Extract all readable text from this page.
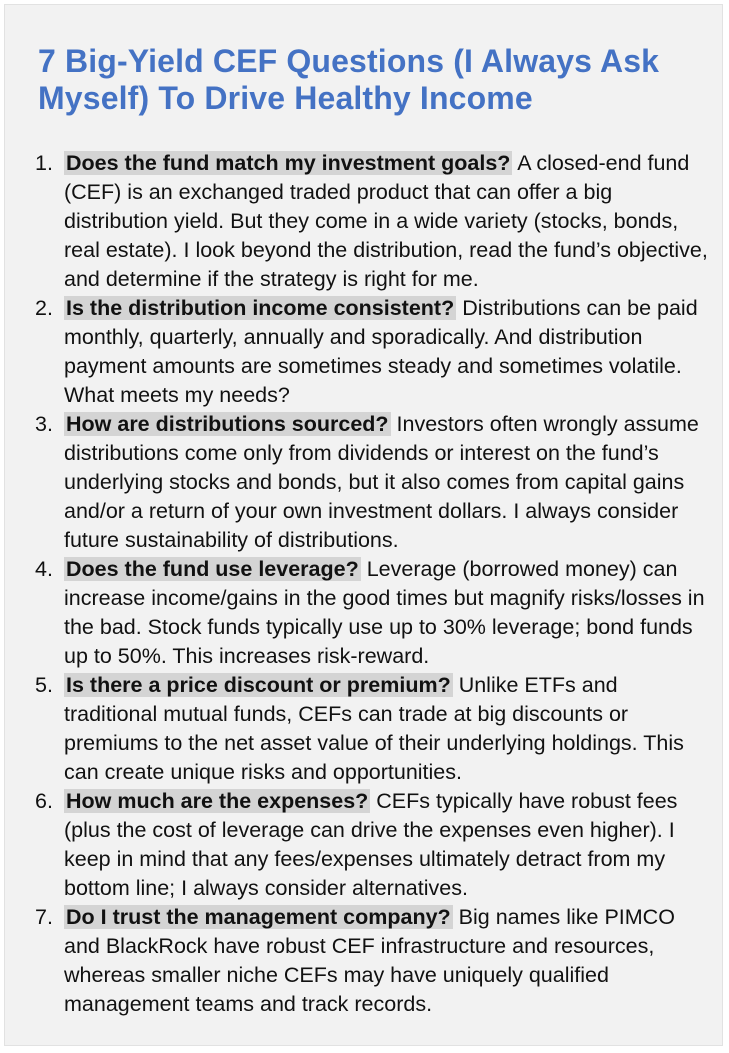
7 Big-Yield CEF Questions (I Always Ask Myself) To Drive Healthy Income
1. Does the fund match my investment goals? A closed-end fund (CEF) is an exchanged traded product that can offer a big distribution yield. But they come in a wide variety (stocks, bonds, real estate). I look beyond the distribution, read the fund’s objective, and determine if the strategy is right for me.
2. Is the distribution income consistent? Distributions can be paid monthly, quarterly, annually and sporadically. And distribution payment amounts are sometimes steady and sometimes volatile. What meets my needs?
3. How are distributions sourced? Investors often wrongly assume distributions come only from dividends or interest on the fund’s underlying stocks and bonds, but it also comes from capital gains and/or a return of your own investment dollars. I always consider future sustainability of distributions.
4. Does the fund use leverage? Leverage (borrowed money) can increase income/gains in the good times but magnify risks/losses in the bad. Stock funds typically use up to 30% leverage; bond funds up to 50%. This increases risk-reward.
5. Is there a price discount or premium? Unlike ETFs and traditional mutual funds, CEFs can trade at big discounts or premiums to the net asset value of their underlying holdings. This can create unique risks and opportunities.
6. How much are the expenses? CEFs typically have robust fees (plus the cost of leverage can drive the expenses even higher). I keep in mind that any fees/expenses ultimately detract from my bottom line; I always consider alternatives.
7. Do I trust the management company? Big names like PIMCO and BlackRock have robust CEF infrastructure and resources, whereas smaller niche CEFs may have uniquely qualified management teams and track records.
